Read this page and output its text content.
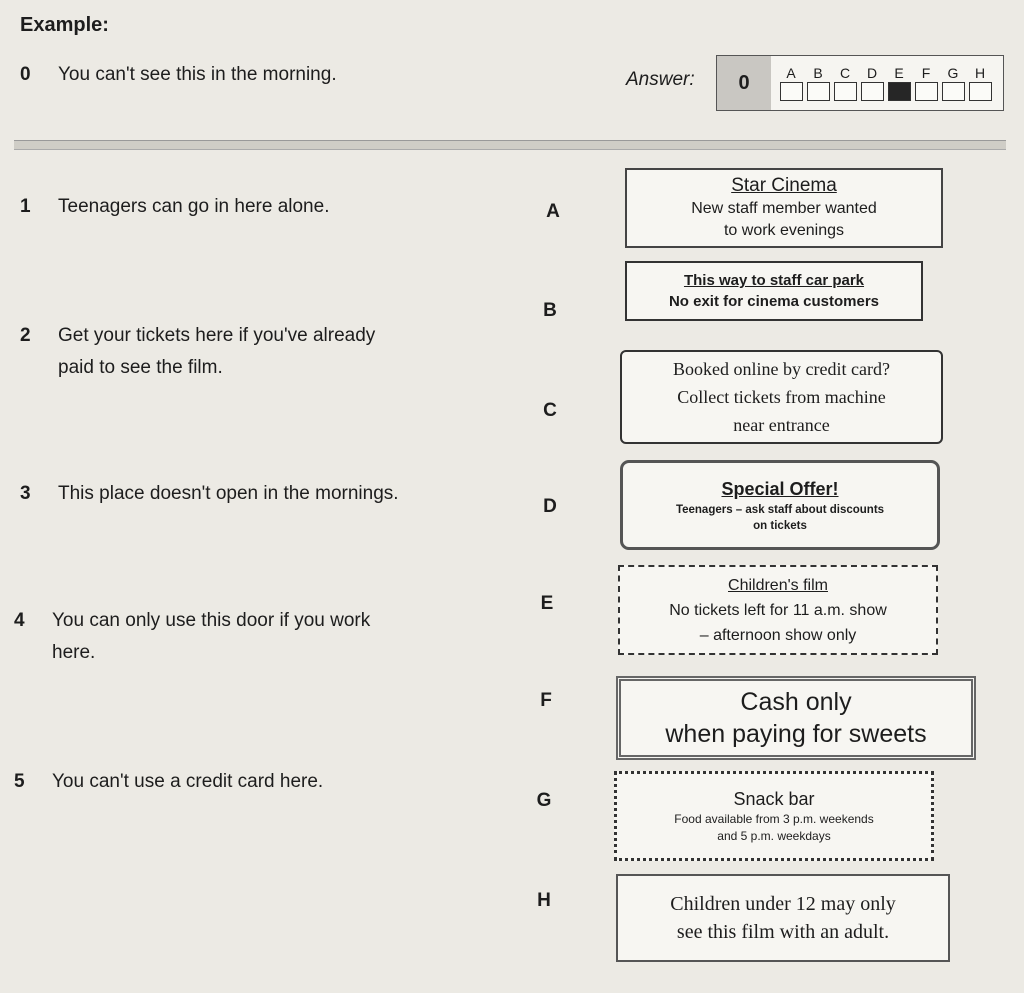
Example:
0 You can't see this in the morning.	Answer:	0	A B C D E F G H
1 Teenagers can go in here alone.
2 Get your tickets here if you've already
paid to see the film.
3 This place doesn't open in the mornings.
4 You can only use this door if you work
here.
5 You can't use a credit card here.
A
B
C
D
E
F
G
H
Star Cinema
New staff member wanted
to work evenings
This way to staff car park
No exit for cinema customers
Booked online by credit card?
Collect tickets from machine
near entrance
Special Offer!
Teenagers – ask staff about discounts
on tickets
Children's film
No tickets left for 11 a.m. show
– afternoon show only
Cash only
when paying for sweets
Snack bar
Food available from 3 p.m. weekends
and 5 p.m. weekdays
Children under 12 may only
see this film with an adult.
